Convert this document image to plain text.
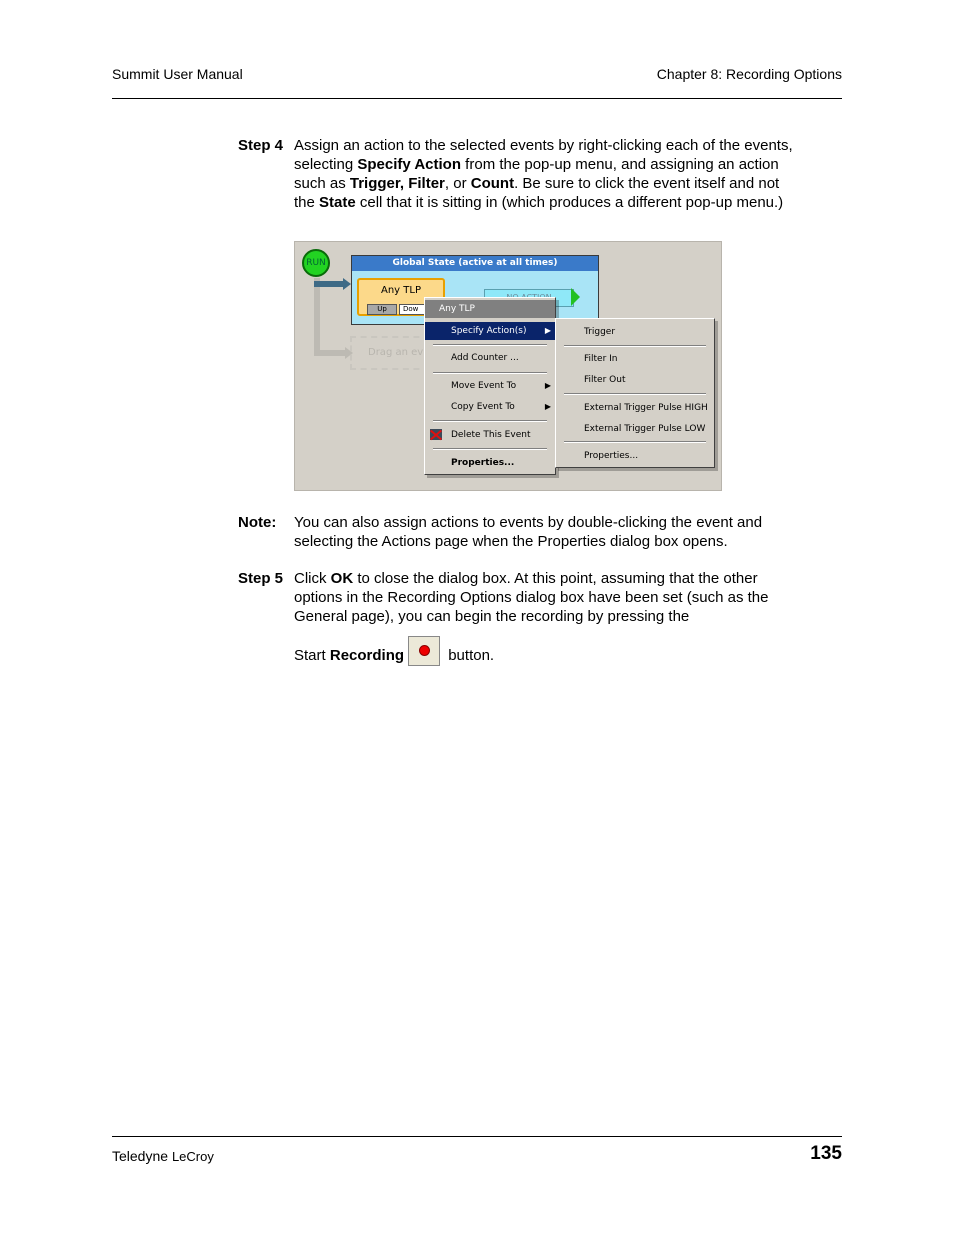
Summit User Manual	Chapter 8: Recording Options
Step 4 Assign an action to the selected events by right-clicking each of the events, selecting Specify Action from the pop-up menu, and assigning an action such as Trigger, Filter, or Count. Be sure to click the event itself and not the State cell that it is sitting in (which produces a different pop-up menu.)
RUN	Global State (active at all times)
Any TLP
Up	Dow
Drag an ev
Any TLP
Specify Action(s) ▶
Add Counter ...
Move Event To	▶
Copy Event To	▶
Delete This Event
Properties...
Trigger
Filter In
Filter Out
External Trigger Pulse HIGH
External Trigger Pulse LOW
Properties...
Note: You can also assign actions to events by double-clicking the event and selecting the Actions page when the Properties dialog box opens.
Step 5 Click OK to close the dialog box. At this point, assuming that the other options in the Recording Options dialog box have been set (such as the General page), you can begin the recording by pressing the
Start Recording	button.
Teledyne LeCroy	135
